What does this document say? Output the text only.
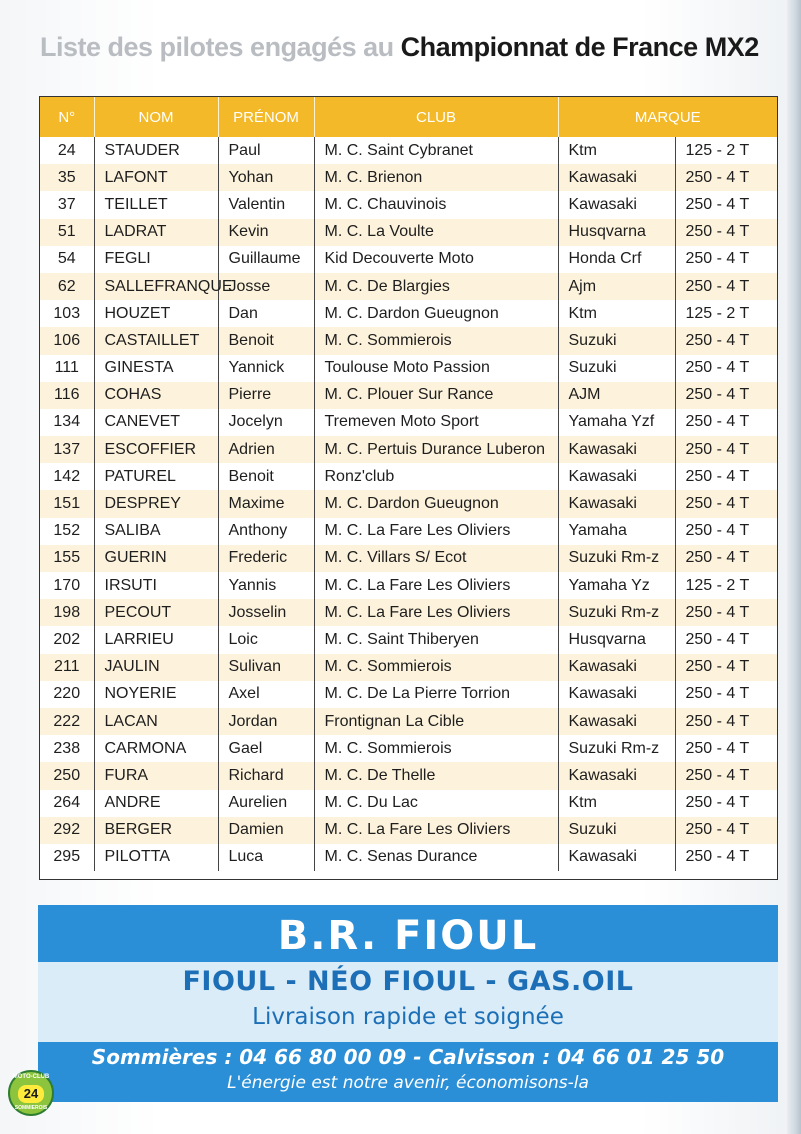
Liste des pilotes engagés au Championnat de France MX2
N°	NOM	PRÉNOM	CLUB	MARQUE	
24	STAUDER	Paul	M. C. Saint Cybranet	Ktm	125 - 2 T
35	LAFONT	Yohan	M. C. Brienon	Kawasaki	250 - 4 T
37	TEILLET	Valentin	M. C. Chauvinois	Kawasaki	250 - 4 T
51	LADRAT	Kevin	M. C. La Voulte	Husqvarna	250 - 4 T
54	FEGLI	Guillaume	Kid Decouverte Moto	Honda Crf	250 - 4 T
62	SALLEFRANQUE	Josse	M. C. De Blargies	Ajm	250 - 4 T
103	HOUZET	Dan	M. C. Dardon Gueugnon	Ktm	125 - 2 T
106	CASTAILLET	Benoit	M. C. Sommierois	Suzuki	250 - 4 T
111	GINESTA	Yannick	Toulouse Moto Passion	Suzuki	250 - 4 T
116	COHAS	Pierre	M. C. Plouer Sur Rance	AJM	250 - 4 T
134	CANEVET	Jocelyn	Tremeven Moto Sport	Yamaha Yzf	250 - 4 T
137	ESCOFFIER	Adrien	M. C. Pertuis Durance Luberon	Kawasaki	250 - 4 T
142	PATUREL	Benoit	Ronz'club	Kawasaki	250 - 4 T
151	DESPREY	Maxime	M. C. Dardon Gueugnon	Kawasaki	250 - 4 T
152	SALIBA	Anthony	M. C. La Fare Les Oliviers	Yamaha	250 - 4 T
155	GUERIN	Frederic	M. C. Villars S/ Ecot	Suzuki Rm-z	250 - 4 T
170	IRSUTI	Yannis	M. C. La Fare Les Oliviers	Yamaha Yz	125 - 2 T
198	PECOUT	Josselin	M. C. La Fare Les Oliviers	Suzuki Rm-z	250 - 4 T
202	LARRIEU	Loic	M. C. Saint Thiberyen	Husqvarna	250 - 4 T
211	JAULIN	Sulivan	M. C. Sommierois	Kawasaki	250 - 4 T
220	NOYERIE	Axel	M. C. De La Pierre Torrion	Kawasaki	250 - 4 T
222	LACAN	Jordan	Frontignan La Cible	Kawasaki	250 - 4 T
238	CARMONA	Gael	M. C. Sommierois	Suzuki Rm-z	250 - 4 T
250	FURA	Richard	M. C. De Thelle	Kawasaki	250 - 4 T
264	ANDRE	Aurelien	M. C. Du Lac	Ktm	250 - 4 T
292	BERGER	Damien	M. C. La Fare Les Oliviers	Suzuki	250 - 4 T
295	PILOTTA	Luca	M. C. Senas Durance	Kawasaki	250 - 4 T
B.R. FIOUL
FIOUL - NÉO FIOUL - GAS.OIL
Livraison rapide et soignée
Sommières : 04 66 80 00 09 - Calvisson : 04 66 01 25 50
L'énergie est notre avenir, économisons-la
MOTO-CLUB
24
SOMMIEROIS
